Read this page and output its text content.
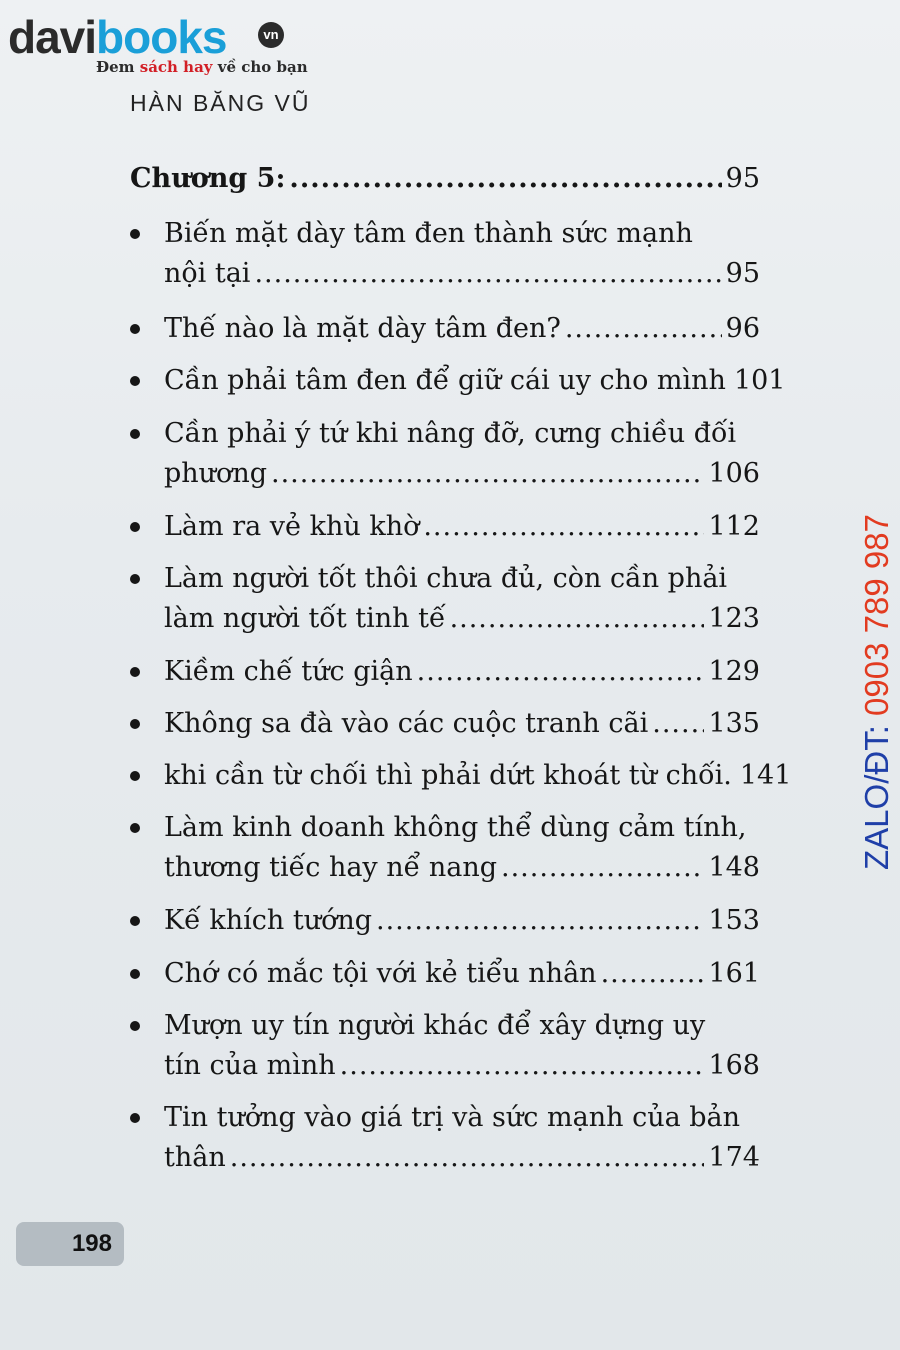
davibooks	vn
Đem sách hay về cho bạn
HÀN BĂNG VŨ
Chương 5: .....	95
Biến mặt dày tâm đen thành sức mạnh
nội tại .....	95
Thế nào là mặt dày tâm đen? .....	96
Cần phải tâm đen để giữ cái uy cho mình 101
Cần phải ý tứ khi nâng đỡ, cưng chiều đối
phương .....	106
Làm ra vẻ khù khờ .....	112
Làm người tốt thôi chưa đủ, còn cần phải
làm người tốt tinh tế .....	123
Kiềm chế tức giận .....	129
Không sa đà vào các cuộc tranh cãi ..... 135
khi cần từ chối thì phải dứt khoát từ chối. 141
Làm kinh doanh không thể dùng cảm tính,
thương tiếc hay nể nang .....	148
Kế khích tướng .....	153
Chớ có mắc tội với kẻ tiểu nhân .....	161
Mượn uy tín người khác để xây dựng uy
tín của mình .....	168
Tin tưởng vào giá trị và sức mạnh của bản
thân .....	174
ZALO/ĐT: 0903 789 987
198
